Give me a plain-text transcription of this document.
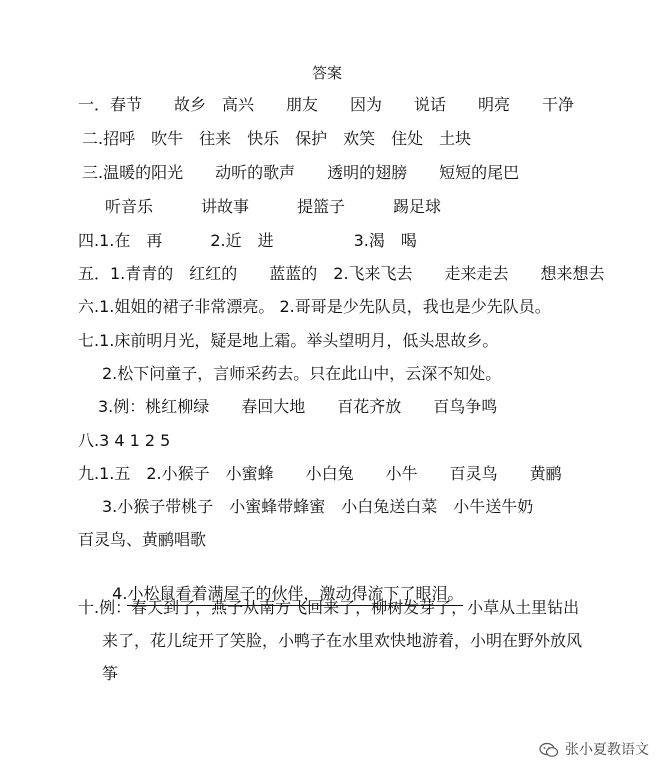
答案
一．春节　　故乡　高兴　　朋友　　因为　　说话　　明亮　　干净
二.招呼　吹牛　往来　快乐　保护　欢笑　住处　土块
三.温暖的阳光　　动听的歌声　　透明的翅膀　　短短的尾巴
听音乐　　　讲故事　　　提篮子　　　踢足球
四.1.在　再　　　2.近　进　　　　　3.渴　喝
五．1.青青的　红红的　　蓝蓝的　2.飞来飞去　　走来走去　　想来想去
六.1.姐姐的裙子非常漂亮。 2.哥哥是少先队员，我也是少先队员。
七.1.床前明月光，疑是地上霜。举头望明月，低头思故乡。
2.松下问童子，言师采药去。只在此山中，云深不知处。
3.例：桃红柳绿　　春回大地　　百花齐放　　百鸟争鸣
八.3 4 1 2 5
九.1.五　2.小猴子　小蜜蜂　　小白兔　　小牛　　百灵鸟　　黄鹂
3.小猴子带桃子　小蜜蜂带蜂蜜　小白兔送白菜　小牛送牛奶
百灵鸟、黄鹂唱歌

4.小松鼠看着满屋子的伙伴，激动得流下了眼泪。

十.例：春天到了，燕子从南方飞回来了，柳树发芽了，小草从土里钻出
来了，花儿绽开了笑脸，小鸭子在水里欢快地游着，小明在野外放风
筝
张小夏教语文
